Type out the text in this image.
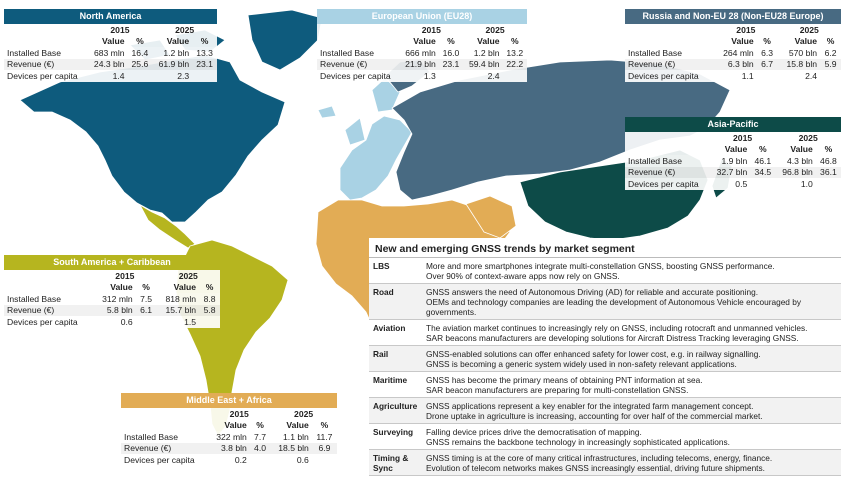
North America
	2015		2025	
	Value	%	Value	%
Installed Base	683 mln	16.4	1.2 bln	13.3
Revenue (€)	24.3 bln	25.6	61.9 bln	23.1
Devices per capita	1.4		2.3	
European Union (EU28)
	2015		2025	
	Value	%	Value	%
Installed Base	666 mln	16.0	1.2 bln	13.2
Revenue (€)	21.9 bln	23.1	59.4 bln	22.2
Devices per capita	1.3		2.4	
Russia and Non-EU 28 (Non-EU28 Europe)
	2015		2025	
	Value	%	Value	%
Installed Base	264 mln	6.3	570 bln	6.2
Revenue (€)	6.3 bln	6.7	15.8 bln	5.9
Devices per capita	1.1		2.4	
Asia-Pacific
	2015		2025	
	Value	%	Value	%
Installed Base	1.9 bln	46.1	4.3 bln	46.8
Revenue (€)	32.7 bln	34.5	96.8 bln	36.1
Devices per capita	0.5		1.0	
South America + Caribbean
	2015		2025	
	Value	%	Value	%
Installed Base	312 mln	7.5	818 mln	8.8
Revenue (€)	5.8 bln	6.1	15.7 bln	5.8
Devices per capita	0.6		1.5	
Middle East + Africa
	2015		2025	
	Value	%	Value	%
Installed Base	322 mln	7.7	1.1 bln	11.7
Revenue (€)	3.8 bln	4.0	18.5 bln	6.9
Devices per capita	0.2		0.6	
New and emerging GNSS trends by market segment
LBS	More and more smartphones integrate multi-constellation GNSS, boosting GNSS performance.
Over 90% of context-aware apps now rely on GNSS.
Road	GNSS answers the need of Autonomous Driving (AD) for reliable and accurate positioning.
OEMs and technology companies are leading the development of Autonomous Vehicle encouraged by governments.
Aviation	The aviation market continues to increasingly rely on GNSS, including rotocraft and unmanned vehicles.
SAR beacons manufacturers are developing solutions for Aircraft Distress Tracking leveraging GNSS.
Rail	GNSS-enabled solutions can offer enhanced safety for lower cost, e.g. in railway signalling.
GNSS is becoming a generic system widely used in non-safety relevant applications.
Maritime	GNSS has become the primary means of obtaining PNT information at sea.
SAR beacon manufacturers are preparing for multi-constellation GNSS.
Agriculture	GNSS applications represent a key enabler for the integrated farm management concept.
Drone uptake in agriculture is increasing, accounting for over half of the commercial market.
Surveying	Falling device prices drive the democratisation of mapping.
GNSS remains the backbone technology in increasingly sophisticated applications.
Timing & Sync
GNSS timing is at the core of many critical infrastructures, including telecoms, energy, finance.
Evolution of telecom networks makes GNSS increasingly essential, driving future shipments.
